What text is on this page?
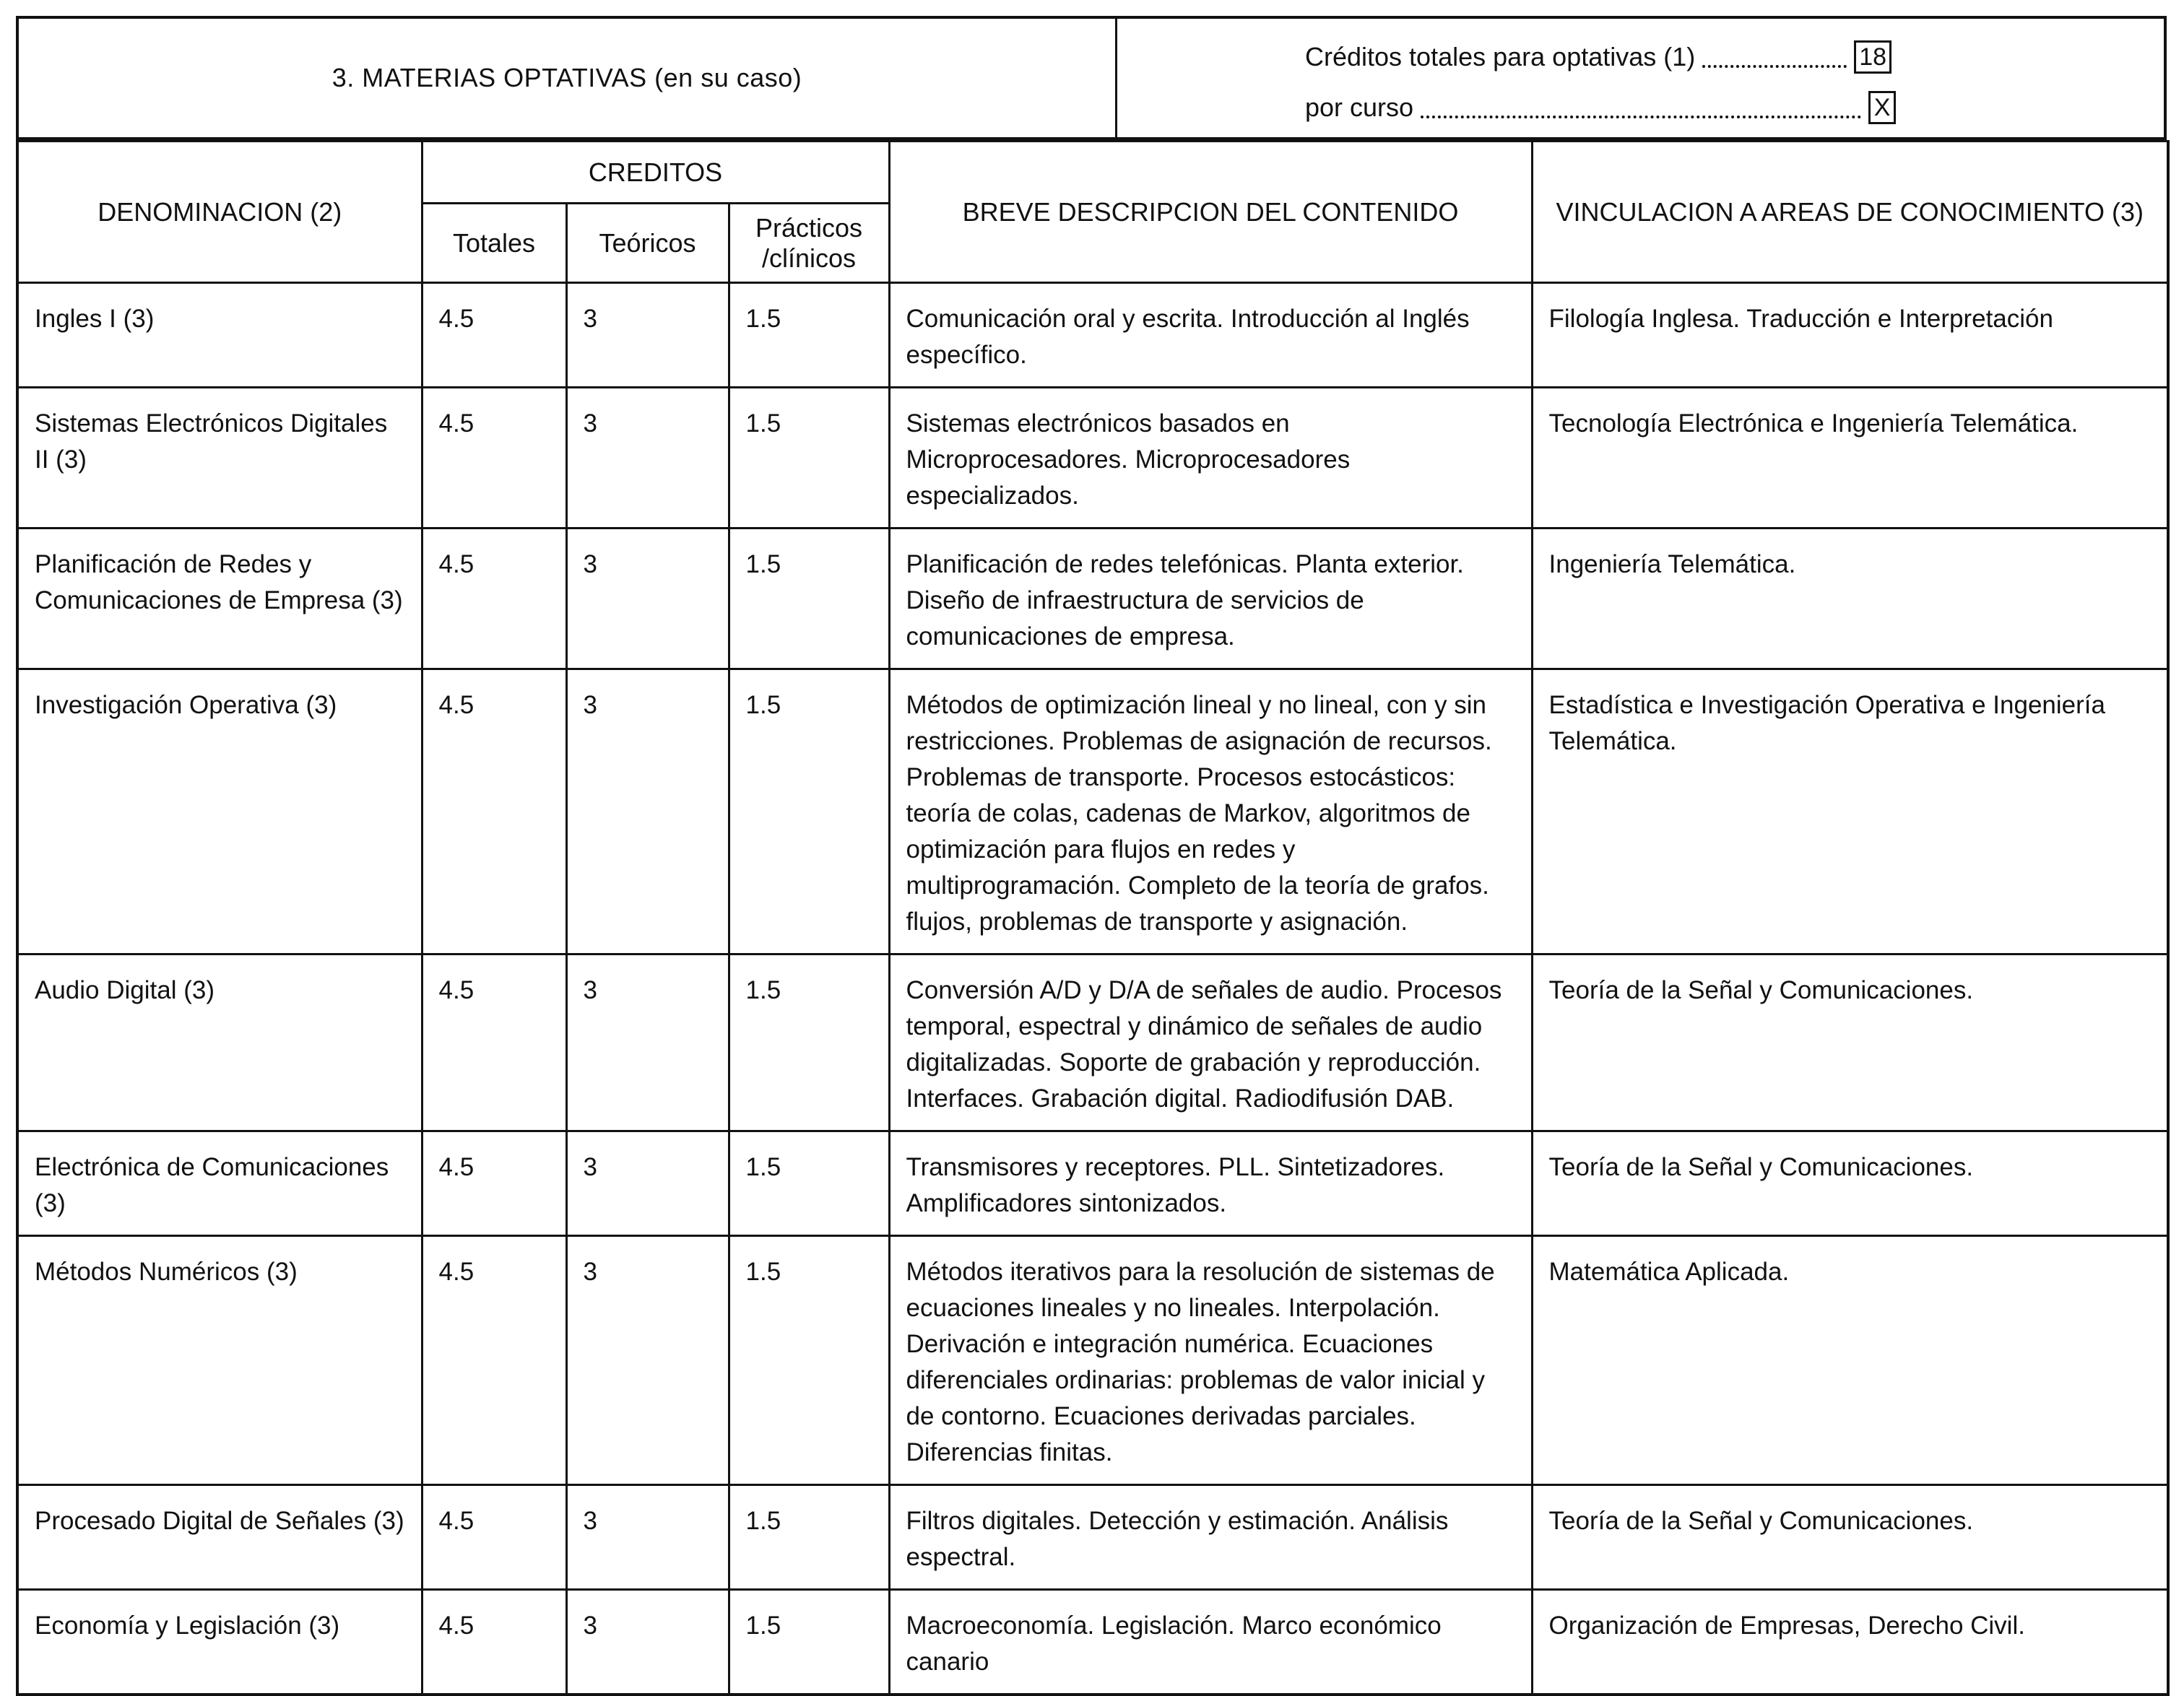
3. MATERIAS OPTATIVAS (en su caso)
Créditos totales para optativas (1)	18
por curso	X
DENOMINACION (2)	CREDITOS			BREVE DESCRIPCION DEL CONTENIDO	VINCULACION A AREAS DE CONOCIMIENTO (3)
	Totales	Teóricos	Prácticos /clínicos		
Ingles I (3)	4.5	3	1.5	Comunicación oral y escrita. Introducción al Inglés específico.	Filología Inglesa. Traducción e Interpretación
Sistemas Electrónicos Digitales II (3)	4.5	3	1.5	Sistemas electrónicos basados en Microprocesadores. Microprocesadores especializados.	Tecnología Electrónica e Ingeniería Telemática.
Planificación de Redes y Comunicaciones de Empresa (3)	4.5	3	1.5	Planificación de redes telefónicas. Planta exterior. Diseño de infraestructura de servicios de comunicaciones de empresa.	Ingeniería Telemática.
Investigación Operativa (3)	4.5	3	1.5	Métodos de optimización lineal y no lineal, con y sin restricciones. Problemas de asignación de recursos. Problemas de transporte. Procesos estocásticos: teoría de colas, cadenas de Markov, algoritmos de optimización para flujos en redes y multiprogramación. Completo de la teoría de grafos. flujos, problemas de transporte y asignación.	Estadística e Investigación Operativa e Ingeniería Telemática.
Audio Digital (3)	4.5	3	1.5	Conversión A/D y D/A de señales de audio. Procesos temporal, espectral y dinámico de señales de audio digitalizadas. Soporte de grabación y reproducción. Interfaces. Grabación digital. Radiodifusión DAB.	Teoría de la Señal y Comunicaciones.
Electrónica de Comunicaciones (3)	4.5	3	1.5	Transmisores y receptores. PLL. Sintetizadores. Amplificadores sintonizados.	Teoría de la Señal y Comunicaciones.
Métodos Numéricos (3)	4.5	3	1.5	Métodos iterativos para la resolución de sistemas de ecuaciones lineales y no lineales. Interpolación. Derivación e integración numérica. Ecuaciones diferenciales ordinarias: problemas de valor inicial y de contorno. Ecuaciones derivadas parciales. Diferencias finitas.	Matemática Aplicada.
Procesado Digital de Señales (3)	4.5	3	1.5	Filtros digitales. Detección y estimación. Análisis espectral.	Teoría de la Señal y Comunicaciones.
Economía y Legislación (3)	4.5	3	1.5	Macroeconomía. Legislación. Marco económico canario	Organización de Empresas, Derecho Civil.
